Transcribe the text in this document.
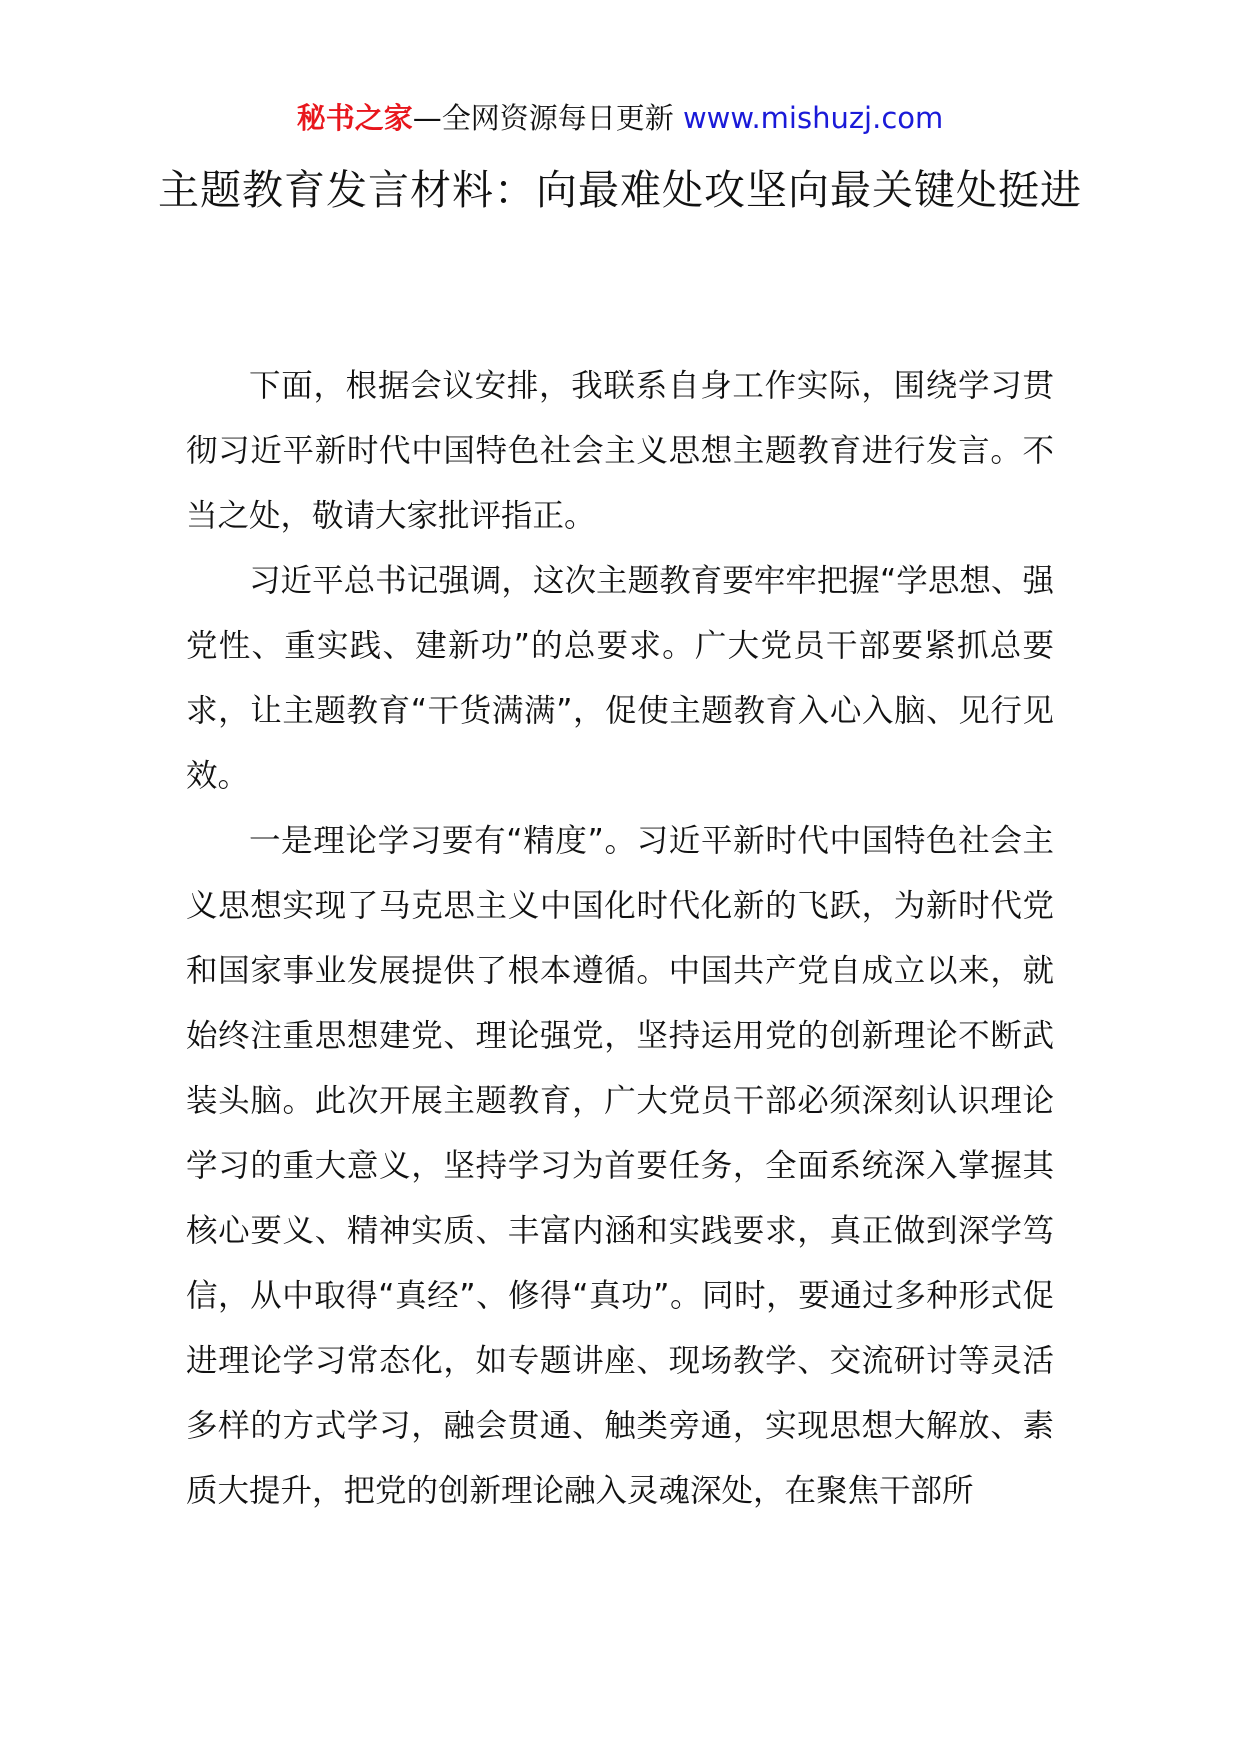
秘书之家—全网资源每日更新 www.mishuzj.com
主题教育发言材料：向最难处攻坚向最关键处挺进

下面，根据会议安排，我联系自身工作实际，围绕学习贯彻习近平新时代中国特色社会主义思想主题教育进行发言。不当之处，敬请大家批评指正。

习近平总书记强调，这次主题教育要牢牢把握“学思想、强党性、重实践、建新功”的总要求。广大党员干部要紧抓总要求，让主题教育“干货满满”，促使主题教育入心入脑、见行见效。

一是理论学习要有“精度”。习近平新时代中国特色社会主义思想实现了马克思主义中国化时代化新的飞跃，为新时代党和国家事业发展提供了根本遵循。中国共产党自成立以来，就始终注重思想建党、理论强党，坚持运用党的创新理论不断武装头脑。此次开展主题教育，广大党员干部必须深刻认识理论学习的重大意义，坚持学习为首要任务，全面系统深入掌握其核心要义、精神实质、丰富内涵和实践要求，真正做到深学笃信，从中取得“真经”、修得“真功”。同时，要通过多种形式促进理论学习常态化，如专题讲座、现场教学、交流研讨等灵活多样的方式学习，融会贯通、触类旁通，实现思想大解放、素质大提升，把党的创新理论融入灵魂深处，在聚焦干部所
